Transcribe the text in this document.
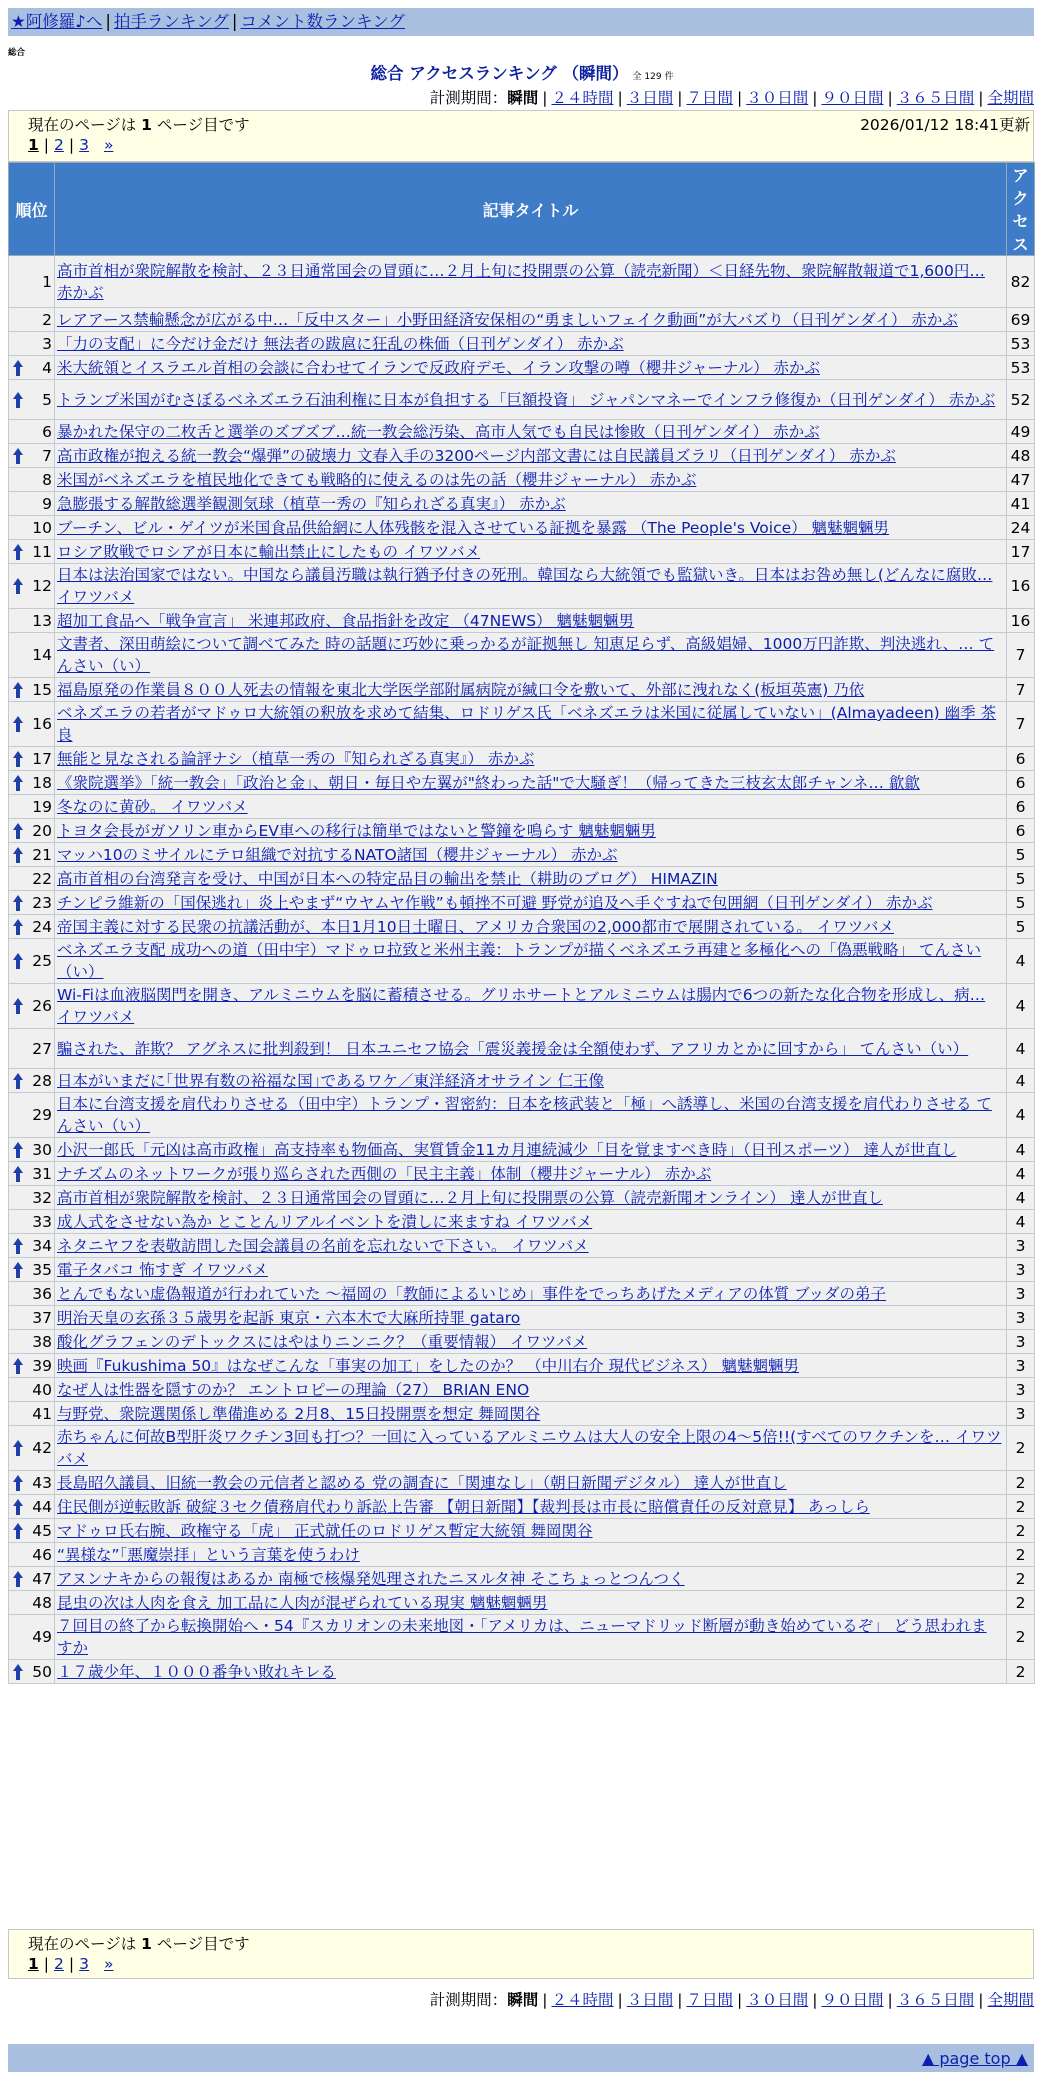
★阿修羅♪へ | 拍手ランキング | コメント数ランキング
総合
総合 アクセスランキング （瞬間） 全 129 件
計測期間：瞬間 | ２４時間 | ３日間 | ７日間 | ３０日間 | ９０日間 | ３６５日間 | 全期間
現在のページは 1 ページ目です	2026/01/12 18:41更新
1 | 2 | 3 »
順位	記事タイトル	アクセス
1	高市首相が衆院解散を検討、２３日通常国会の冒頭に…２月上旬に投開票の公算（読売新聞）＜日経先物、衆院解散報道で1,600円… 赤かぶ	82
2	レアアース禁輸懸念が広がる中…「反中スター」小野田経済安保相の“勇ましいフェイク動画”が大バズり（日刊ゲンダイ） 赤かぶ	69
3	「力の支配」に今だけ金だけ 無法者の跋扈に狂乱の株価（日刊ゲンダイ） 赤かぶ	53

4	米大統領とイスラエル首相の会談に合わせてイランで反政府デモ、イラン攻撃の噂（櫻井ジャーナル） 赤かぶ	53

5	トランプ米国がむさぼるベネズエラ石油利権に日本が負担する「巨額投資」 ジャパンマネーでインフラ修復か（日刊ゲンダイ） 赤かぶ	52
6	暴かれた保守の二枚舌と選挙のズブズブ…統一教会総汚染、高市人気でも自民は惨敗（日刊ゲンダイ） 赤かぶ	49

7	高市政権が抱える統一教会“爆弾”の破壊力 文春入手の3200ページ内部文書には自民議員ズラリ（日刊ゲンダイ） 赤かぶ	48
8	米国がベネズエラを植民地化できても戦略的に使えるのは先の話（櫻井ジャーナル） 赤かぶ	47
9	急膨張する解散総選挙観測気球（植草一秀の『知られざる真実』） 赤かぶ	41
10	ブーチン、ビル・ゲイツが米国食品供給網に人体残骸を混入させている証拠を暴露 （The People's Voice） 魑魅魍魎男	24

11	ロシア敗戦でロシアが日本に輸出禁止にしたもの イワツバメ	17

12	日本は法治国家ではない。中国なら議員汚職は執行猶予付きの死刑。韓国なら大統領でも監獄いき。日本はお咎め無し(どんなに腐敗… イワツバメ	16
13	超加工食品へ「戦争宣言」 米連邦政府、食品指針を改定 （47NEWS） 魑魅魍魎男	16
14	文書者、深田萌絵について調べてみた 時の話題に巧妙に乗っかるが証拠無し 知恵足らず、高級娼婦、1000万円詐欺、判決逃れ、… てんさい（い）	7

15	福島原発の作業員８００人死去の情報を東北大学医学部附属病院が緘口令を敷いて、外部に洩れなく(板垣英憲) 乃依	7

16	ベネズエラの若者がマドゥロ大統領の釈放を求めて結集、ロドリゲス氏「ベネズエラは米国に従属していない」(Almayadeen) 幽季 茶良	7

17	無能と見なされる論評ナシ（植草一秀の『知られざる真実』） 赤かぶ	6

18	《衆院選挙》「統一教会」「政治と金」、朝日・毎日や左翼が"終わった話"で大騒ぎ！（帰ってきた三枝玄太郎チャンネ… 歙歙	6
19	冬なのに黄砂。 イワツバメ	6

20	トヨタ会長がガソリン車からEV車への移行は簡単ではないと警鐘を鳴らす 魑魅魍魎男	6

21	マッハ10のミサイルにテロ組織で対抗するNATO諸国（櫻井ジャーナル） 赤かぶ	5
22	高市首相の台湾発言を受け、中国が日本への特定品目の輸出を禁止（耕助のブログ） HIMAZIN	5

23	チンピラ維新の「国保逃れ」炎上やまず“ウヤムヤ作戦”も頓挫不可避 野党が追及へ手ぐすねで包囲網（日刊ゲンダイ） 赤かぶ	5

24	帝国主義に対する民衆の抗議活動が、本日1月10日土曜日、アメリカ合衆国の2,000都市で展開されている。 イワツバメ	5

25	ベネズエラ支配 成功への道（田中宇）マドゥロ拉致と米州主義：トランプが描くベネズエラ再建と多極化への「偽悪戦略」 てんさい（い）	4

26	Wi-Fiは血液脳関門を開き、アルミニウムを脳に蓄積させる。グリホサートとアルミニウムは腸内で6つの新たな化合物を形成し、病… イワツバメ	4
27	騙された、詐欺？ アグネスに批判殺到！ 日本ユニセフ協会「震災義援金は全額使わず、アフリカとかに回すから」 てんさい（い）	4

28	日本がいまだに｢世界有数の裕福な国｣であるワケ／東洋経済オサライン 仁王像	4
29	日本に台湾支援を肩代わりさせる（田中宇）トランプ・習密約：日本を核武装と「極」へ誘導し、米国の台湾支援を肩代わりさせる てんさい（い）	4

30	小沢一郎氏「元凶は高市政権」高支持率も物価高、実質賃金11カ月連続減少「目を覚ますべき時」（日刊スポーツ） 達人が世直し	4

31	ナチズムのネットワークが張り巡らされた西側の「民主主義」体制（櫻井ジャーナル） 赤かぶ	4
32	高市首相が衆院解散を検討、２３日通常国会の冒頭に…２月上旬に投開票の公算（読売新聞オンライン） 達人が世直し	4
33	成人式をさせない為か とことんリアルイベントを潰しに来ますね イワツバメ	4

34	ネタニヤフを表敬訪問した国会議員の名前を忘れないで下さい。 イワツバメ	3

35	電子タバコ 怖すぎ イワツバメ	3
36	とんでもない虚偽報道が行われていた ～福岡の「教師によるいじめ」事件をでっちあげたメディアの体質 ブッダの弟子	3
37	明治天皇の玄孫３５歳男を起訴 東京・六本木で大麻所持罪 gataro	3
38	酸化グラフェンのデトックスにはやはりニンニク？（重要情報） イワツバメ	3

39	映画『Fukushima 50』はなぜこんな「事実の加工」をしたのか？ （中川右介 現代ビジネス） 魑魅魍魎男	3
40	なぜ人は性器を隠すのか？ エントロピーの理論（27） BRIAN ENO	3
41	与野党、衆院選関係し準備進める 2月8、15日投開票を想定 舞岡関谷	3

42	赤ちゃんに何故B型肝炎ワクチン3回も打つ？一回に入っているアルミニウムは大人の安全上限の4～5倍!!(すべてのワクチンを… イワツバメ	2

43	長島昭久議員、旧統一教会の元信者と認める 党の調査に「関連なし」（朝日新聞デジタル） 達人が世直し	2

44	住民側が逆転敗訴 破綻３セク債務肩代わり訴訟上告審 【朝日新聞】【裁判長は市長に賠償責任の反対意見】 あっしら	2

45	マドゥロ氏右腕、政権守る「虎」 正式就任のロドリゲス暫定大統領 舞岡関谷	2
46	“異様な”「悪魔崇拝」という言葉を使うわけ	2

47	アヌンナキからの報復はあるか 南極で核爆発処理されたニヌルタ神 そこちょっとつんつく	2
48	昆虫の次は人肉を食え 加工品に人肉が混ぜられている現実 魑魅魍魎男	2
49	７回目の終了から転換開始へ・54『スカリオンの未来地図・「アメリカは、ニューマドリッド断層が動き始めているぞ」 どう思われますか	2

50	１７歳少年、１０００番争い敗れキレる	2
現在のページは 1 ページ目です
1 | 2 | 3 »
計測期間：瞬間 | ２４時間 | ３日間 | ７日間 | ３０日間 | ９０日間 | ３６５日間 | 全期間
▲ page top ▲
